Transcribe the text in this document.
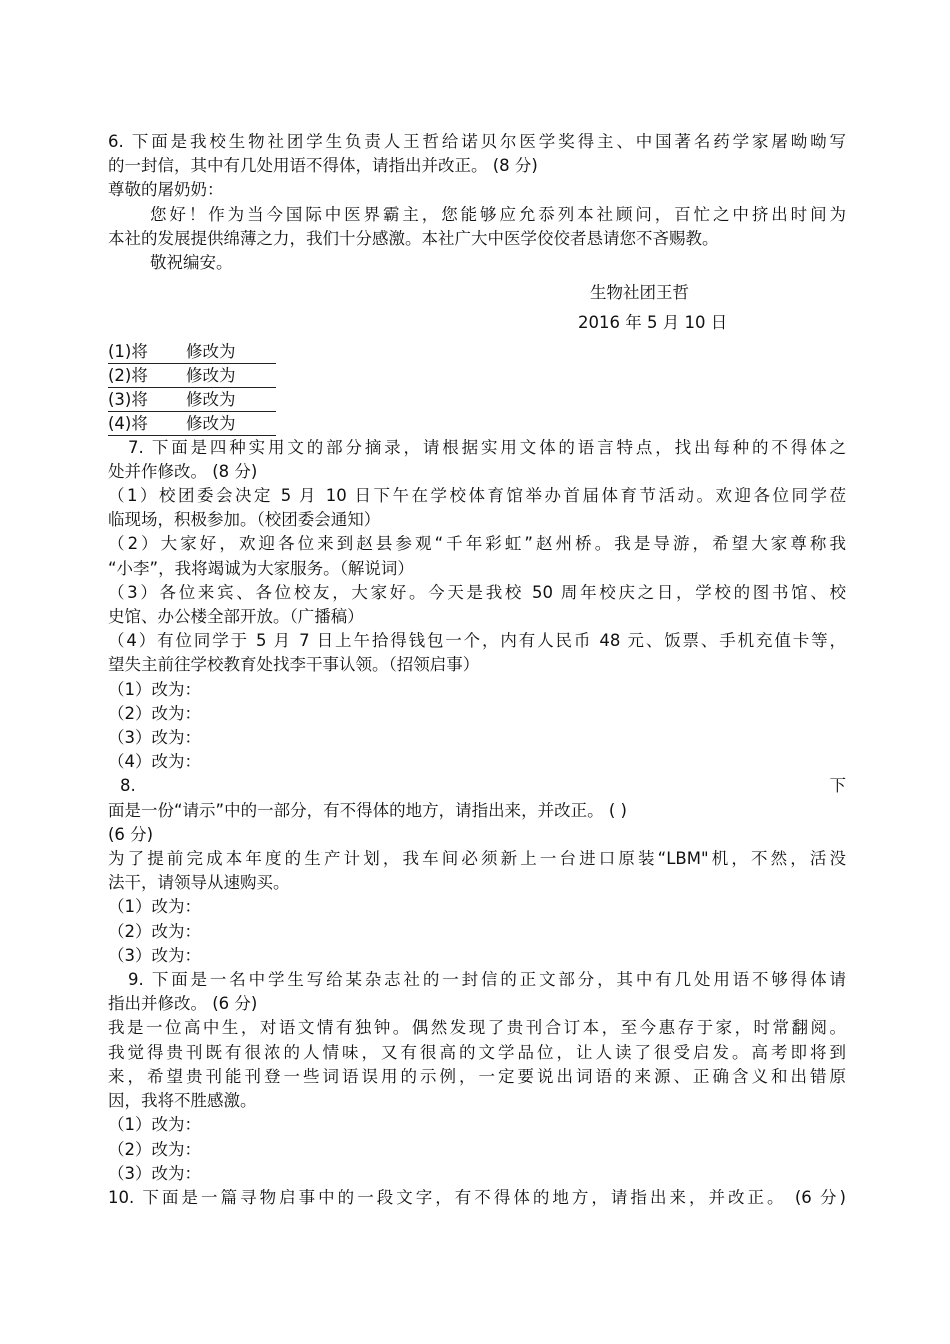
6. 下面是我校生物社团学生负责人王哲给诺贝尔医学奖得主、中国著名药学家屠呦呦写
的一封信，其中有几处用语不得体，请指出并改正。 (8 分)
尊敬的屠奶奶：
您好！作为当今国际中医界霸主，您能够应允忝列本社顾问，百忙之中挤出时间为
本社的发展提供绵薄之力，我们十分感激。本社广大中医学佼佼者恳请您不吝赐教。
敬祝编安。
生物社团王哲
2016 年 5 月 10 日
(1)将 修改为
(2)将 修改为
(3)将 修改为
(4)将 修改为
7. 下面是四种实用文的部分摘录，请根据实用文体的语言特点，找出每种的不得体之
处并作修改。 (8 分)
（1）校团委会决定 5 月 10 日下午在学校体育馆举办首届体育节活动。欢迎各位同学莅
临现场，积极参加。（校团委会通知）
（2）大家好，欢迎各位来到赵县参观“千年彩虹”赵州桥。我是导游，希望大家尊称我
“小李”，我将竭诚为大家服务。（解说词）
（3）各位来宾、各位校友，大家好。今天是我校 50 周年校庆之日，学校的图书馆、校
史馆、办公楼全部开放。（广播稿）
（4）有位同学于 5 月 7 日上午拾得钱包一个，内有人民币 48 元、饭票、手机充值卡等，
望失主前往学校教育处找李干事认领。（招领启事）
（1）改为：
（2）改为：
（3）改为：
（4）改为：
8.	下
面是一份“请示”中的一部分，有不得体的地方，请指出来，并改正。 ( )
(6 分)
为了提前完成本年度的生产计划，我车间必须新上一台进口原装“LBM"机，不然，活没
法干，请领导从速购买。
（1）改为：
（2）改为：
（3）改为：
9. 下面是一名中学生写给某杂志社的一封信的正文部分，其中有几处用语不够得体请
指出并修改。 (6 分)
我是一位高中生，对语文情有独钟。偶然发现了贵刊合订本，至今惠存于家，时常翻阅。
我觉得贵刊既有很浓的人情味，又有很高的文学品位，让人读了很受启发。高考即将到
来，希望贵刊能刊登一些词语误用的示例，一定要说出词语的来源、正确含义和出错原
因，我将不胜感激。
（1）改为：
（2）改为：
（3）改为：
10. 下面是一篇寻物启事中的一段文字，有不得体的地方，请指出来，并改正。 (6 分)
